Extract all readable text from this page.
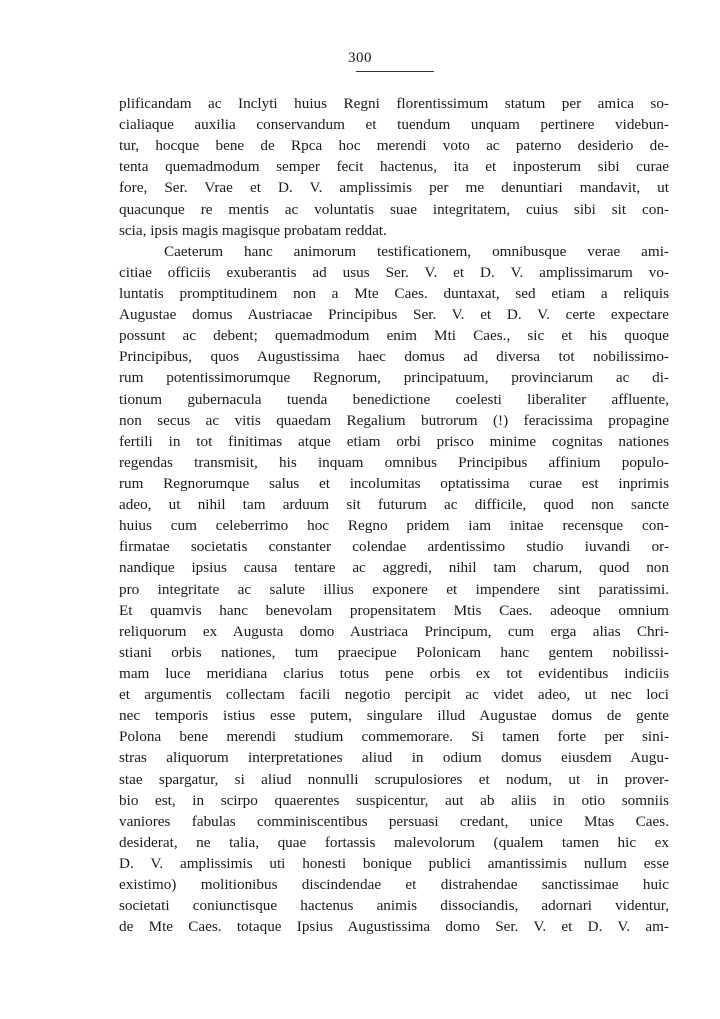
300
plificandam ac Inclyti huius Regni florentissimum statum per amica so-
cialiaque auxilia conservandum et tuendum unquam pertinere videbun-
tur, hocque bene de Rpca hoc merendi voto ac paterno desiderio de-
tenta quemadmodum semper fecit hactenus, ita et inposterum sibi curae
fore, Ser. Vrae et D. V. amplissimis per me denuntiari mandavit, ut
quacunque re mentis ac voluntatis suae integritatem, cuius sibi sit con-
scia, ipsis magis magisque probatam reddat.
Caeterum hanc animorum testificationem, omnibusque verae ami-
citiae officiis exuberantis ad usus Ser. V. et D. V. amplissimarum vo-
luntatis promptitudinem non a Mte Caes. duntaxat, sed etiam a reliquis
Augustae domus Austriacae Principibus Ser. V. et D. V. certe expectare
possunt ac debent; quemadmodum enim Mti Caes., sic et his quoque
Principibus, quos Augustissima haec domus ad diversa tot nobilissimo-
rum potentissimorumque Regnorum, principatuum, provinciarum ac di-
tionum gubernacula tuenda benedictione coelesti liberaliter affluente,
non secus ac vitis quaedam Regalium butrorum (!) feracissima propagine
fertili in tot finitimas atque etiam orbi prisco minime cognitas nationes
regendas transmisit, his inquam omnibus Principibus affinium populo-
rum Regnorumque salus et incolumitas optatissima curae est inprimis
adeo, ut nihil tam arduum sit futurum ac difficile, quod non sancte
huius cum celeberrimo hoc Regno pridem iam initae recensque con-
firmatae societatis constanter colendae ardentissimo studio iuvandi or-
nandique ipsius causa tentare ac aggredi, nihil tam charum, quod non
pro integritate ac salute illius exponere et impendere sint paratissimi.
Et quamvis hanc benevolam propensitatem Mtis Caes. adeoque omnium
reliquorum ex Augusta domo Austriaca Principum, cum erga alias Chri-
stiani orbis nationes, tum praecipue Polonicam hanc gentem nobilissi-
mam luce meridiana clarius totus pene orbis ex tot evidentibus indiciis
et argumentis collectam facili negotio percipit ac videt adeo, ut nec loci
nec temporis istius esse putem, singulare illud Augustae domus de gente
Polona bene merendi studium commemorare. Si tamen forte per sini-
stras aliquorum interpretationes aliud in odium domus eiusdem Augu-
stae spargatur, si aliud nonnulli scrupulosiores et nodum, ut in prover-
bio est, in scirpo quaerentes suspicentur, aut ab aliis in otio somniis
vaniores fabulas comminiscentibus persuasi credant, unice Mtas Caes.
desiderat, ne talia, quae fortassis malevolorum (qualem tamen hic ex
D. V. amplissimis uti honesti bonique publici amantissimis nullum esse
existimo) molitionibus discindendae et distrahendae sanctissimae huic
societati coniunctisque hactenus animis dissociandis, adornari videntur,
de Mte Caes. totaque Ipsius Augustissima domo Ser. V. et D. V. am-
